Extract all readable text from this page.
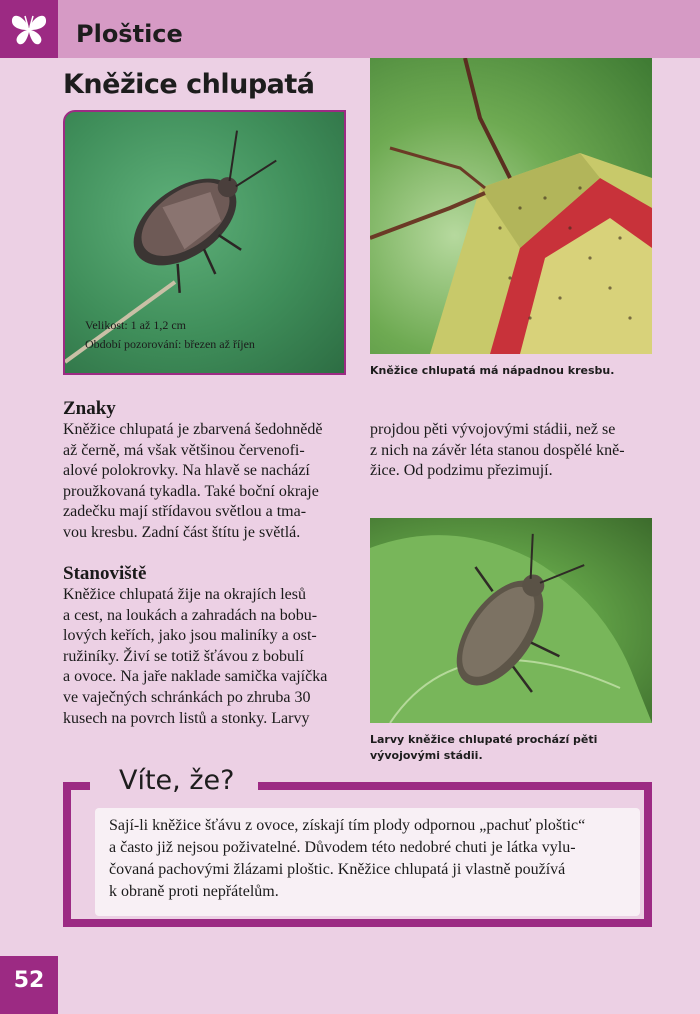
Ploštice
Kněžice chlupatá
Velikost: 1 až 1,2 cm
Období pozorování: březen až říjen
Kněžice chlupatá má nápadnou kresbu.
Znaky
Kněžice chlupatá je zbarvená šedohnědě
až černě, má však většinou červenofi-
alové polokrovky. Na hlavě se nachází
proužkovaná tykadla. Také boční okraje
zadečku mají střídavou světlou a tma-
vou kresbu. Zadní část štítu je světlá.
Stanoviště
Kněžice chlupatá žije na okrajích lesů
a cest, na loukách a zahradách na bobu-
lových keřích, jako jsou maliníky a ost-
ružiníky. Živí se totiž šťávou z bobulí
a ovoce. Na jaře naklade samička vajíčka
ve vaječných schránkách po zhruba 30
kusech na povrch listů a stonky. Larvy
projdou pěti vývojovými stádii, než se
z nich na závěr léta stanou dospělé kně-
žice. Od podzimu přezimují.
Larvy kněžice chlupaté prochází pěti
vývojovými stádii.
Víte, že?
Sají-li kněžice šťávu z ovoce, získají tím plody odpornou „pachuť ploštic“
a často již nejsou poživatelné. Důvodem této nedobré chuti je látka vylu-
čovaná pachovými žlázami ploštic. Kněžice chlupatá ji vlastně používá
k obraně proti nepřátelům.
52
